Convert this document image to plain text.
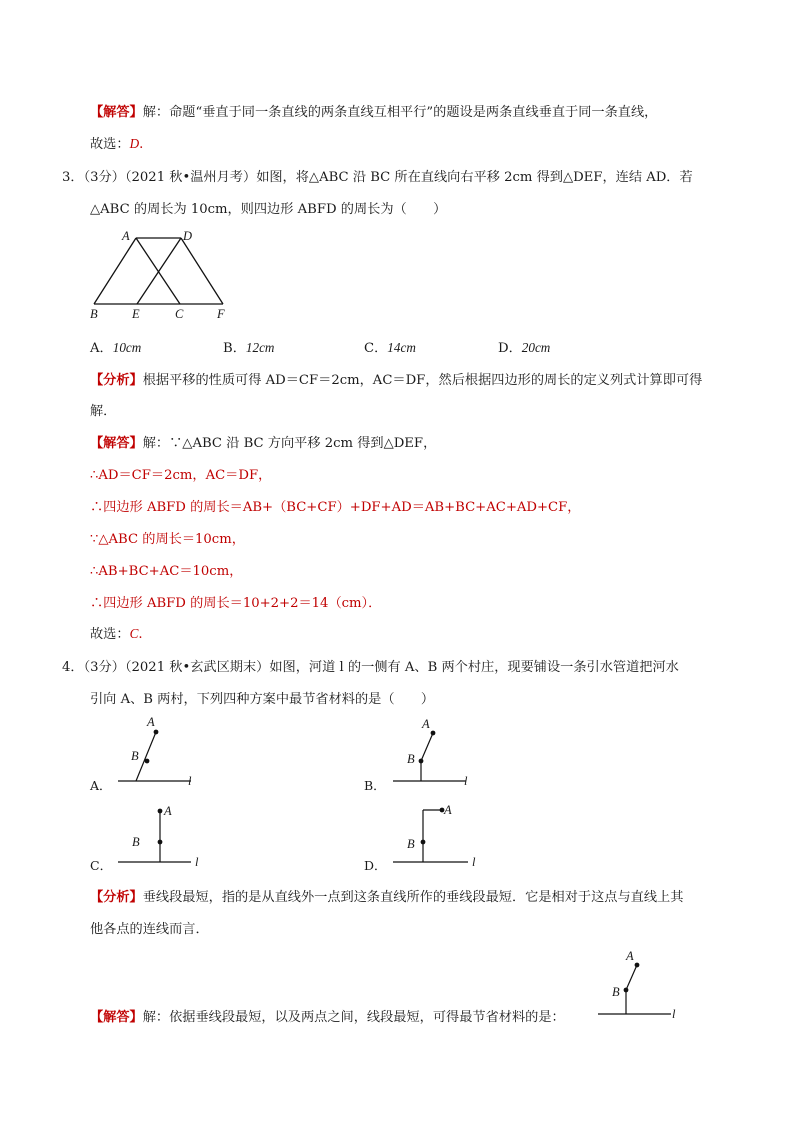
【解答】解：命题“垂直于同一条直线的两条直线互相平行”的题设是两条直线垂直于同一条直线，
故选：D.
3．（3分）（2021 秋•温州月考）如图，将△ABC 沿 BC 所在直线向右平移 2cm 得到△DEF，连结 AD．若
△ABC 的周长为 10cm，则四边形 ABFD 的周长为（　　）
A	D
B	E	C	F
A．10cm	B．12cm	C．14cm	D．20cm
【分析】根据平移的性质可得 AD＝CF＝2cm，AC＝DF，然后根据四边形的周长的定义列式计算即可得
解．
【解答】解：∵△ABC 沿 BC 方向平移 2cm 得到△DEF，
∴AD＝CF＝2cm，AC＝DF，
∴四边形 ABFD 的周长＝AB+（BC+CF）+DF+AD＝AB+BC+AC+AD+CF，
∵△ABC 的周长＝10cm，
∴AB+BC+AC＝10cm，
∴四边形 ABFD 的周长＝10+2+2＝14（cm）．
故选：C.
4．（3分）（2021 秋•玄武区期末）如图，河道 l 的一侧有 A、B 两个村庄，现要铺设一条引水管道把河水
引向 A、B 两村，下列四种方案中最节省材料的是（　　）
A．
A
B
l	B．
A
B
l
C．
A
B
l	D．
A
B
l
【分析】垂线段最短，指的是从直线外一点到这条直线所作的垂线段最短．它是相对于这点与直线上其
他各点的连线而言．
【解答】解：依据垂线段最短，以及两点之间，线段最短，可得最节省材料的是：
A
B
l
